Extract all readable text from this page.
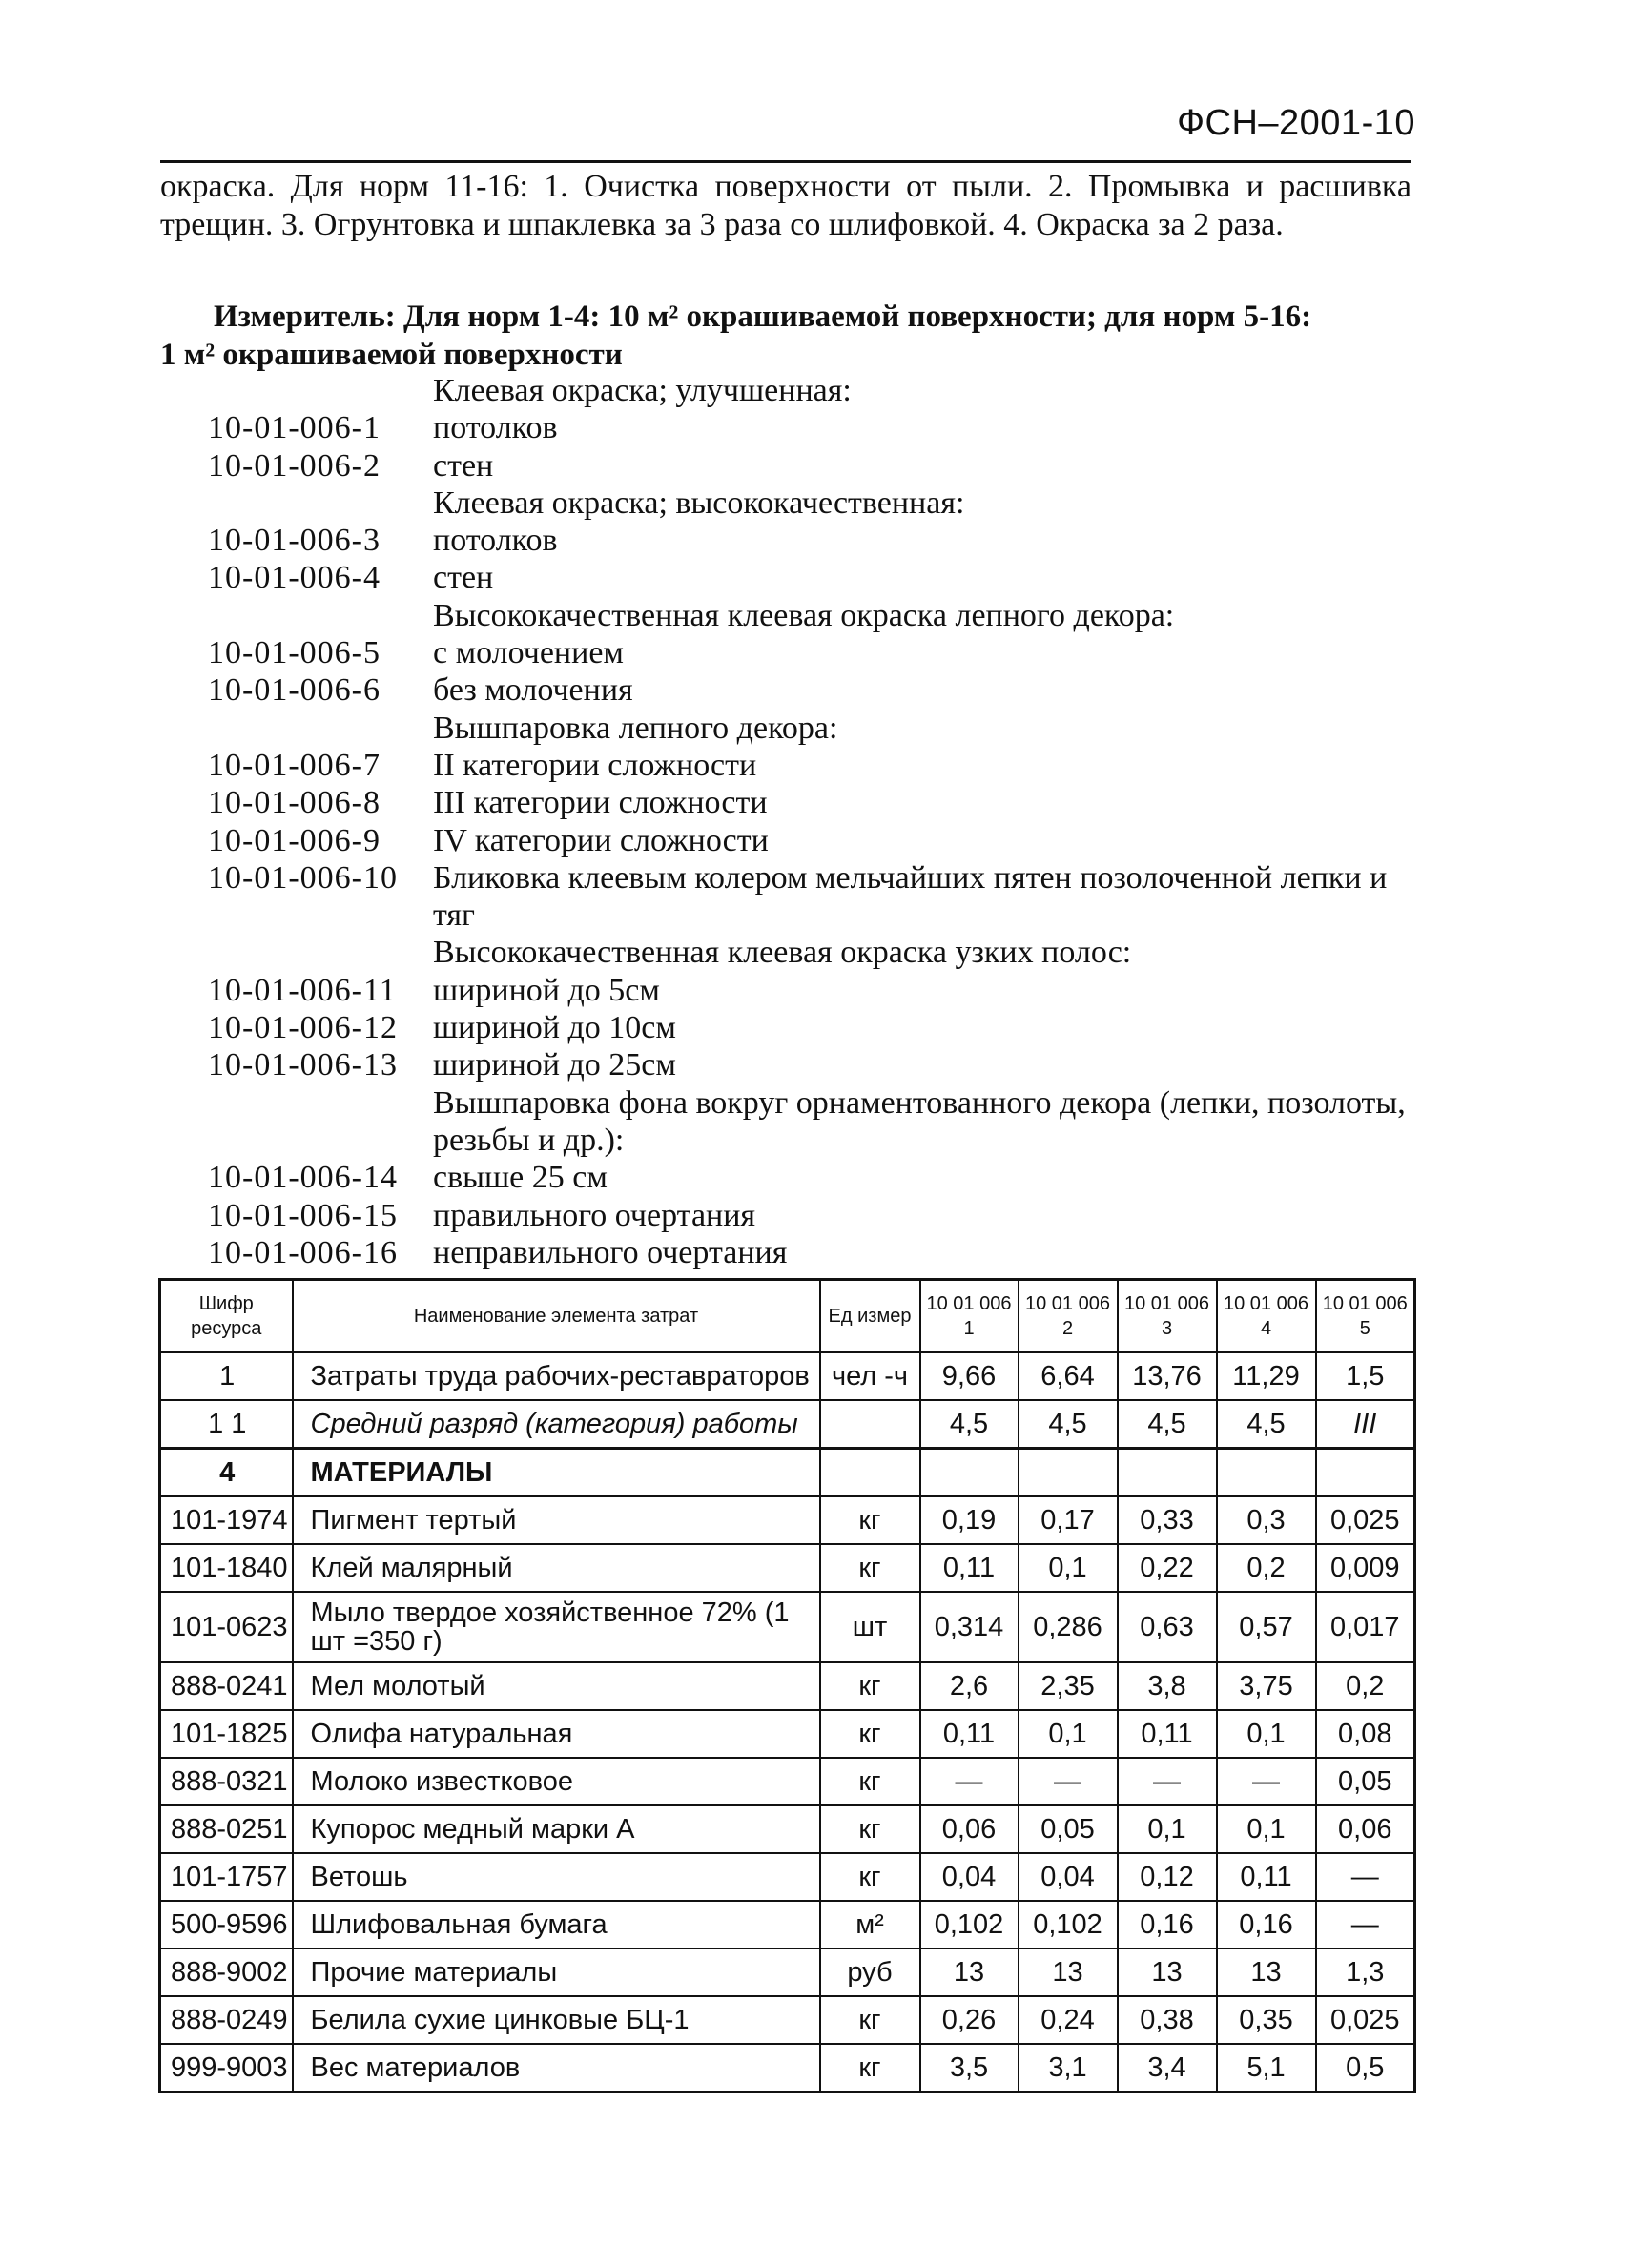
ФСН–2001-10
окраска. Для норм 11-16: 1. Очистка поверхности от пыли. 2. Промывка и расшивка трещин. 3. Огрунтовка и шпаклевка за 3 раза со шлифовкой. 4. Окраска за 2 раза.
Измеритель: Для норм 1-4: 10 м² окрашиваемой поверхности; для норм 5-16:
1 м² окрашиваемой поверхности
Клеевая окраска; улучшенная:
10-01-006-1	потолков
10-01-006-2	стен
Клеевая окраска; высококачественная:
10-01-006-3	потолков
10-01-006-4	стен
Высококачественная клеевая окраска лепного декора:
10-01-006-5	с молочением
10-01-006-6	без молочения
Вышпаровка лепного декора:
10-01-006-7	II категории сложности
10-01-006-8	III категории сложности
10-01-006-9	IV категории сложности
10-01-006-10	Бликовка клеевым колером мельчайших пятен позолоченной лепки и тяг
Высококачественная клеевая окраска узких полос:
10-01-006-11	шириной до 5см
10-01-006-12	шириной до 10см
10-01-006-13	шириной до 25см
Вышпаровка фона вокруг орнаментованного декора (лепки, позолоты, резьбы и др.):
10-01-006-14	свыше 25 см
10-01-006-15	правильного очертания
10-01-006-16	неправильного очертания
Шифр ресурса	Наименование элемента затрат	Ед измер	10 01 006 1	10 01 006 2	10 01 006 3	10 01 006 4	10 01 006 5
1	Затраты труда рабочих-реставраторов	чел -ч	9,66	6,64	13,76	11,29	1,5
1 1	Средний разряд (категория) работы		4,5	4,5	4,5	4,5	III
4	МАТЕРИАЛЫ						
101-1974	Пигмент тертый	кг	0,19	0,17	0,33	0,3	0,025
101-1840	Клей малярный	кг	0,11	0,1	0,22	0,2	0,009
101-0623	Мыло твердое хозяйственное 72% (1 шт =350 г)	шт	0,314	0,286	0,63	0,57	0,017
888-0241	Мел молотый	кг	2,6	2,35	3,8	3,75	0,2
101-1825	Олифа натуральная	кг	0,11	0,1	0,11	0,1	0,08
888-0321	Молоко известковое	кг	—	—	—	—	0,05
888-0251	Купорос медный марки А	кг	0,06	0,05	0,1	0,1	0,06
101-1757	Ветошь	кг	0,04	0,04	0,12	0,11	—
500-9596	Шлифовальная бумага	м²	0,102	0,102	0,16	0,16	—
888-9002	Прочие материалы	руб	13	13	13	13	1,3
888-0249	Белила сухие цинковые БЦ-1	кг	0,26	0,24	0,38	0,35	0,025
999-9003	Вес материалов	кг	3,5	3,1	3,4	5,1	0,5
